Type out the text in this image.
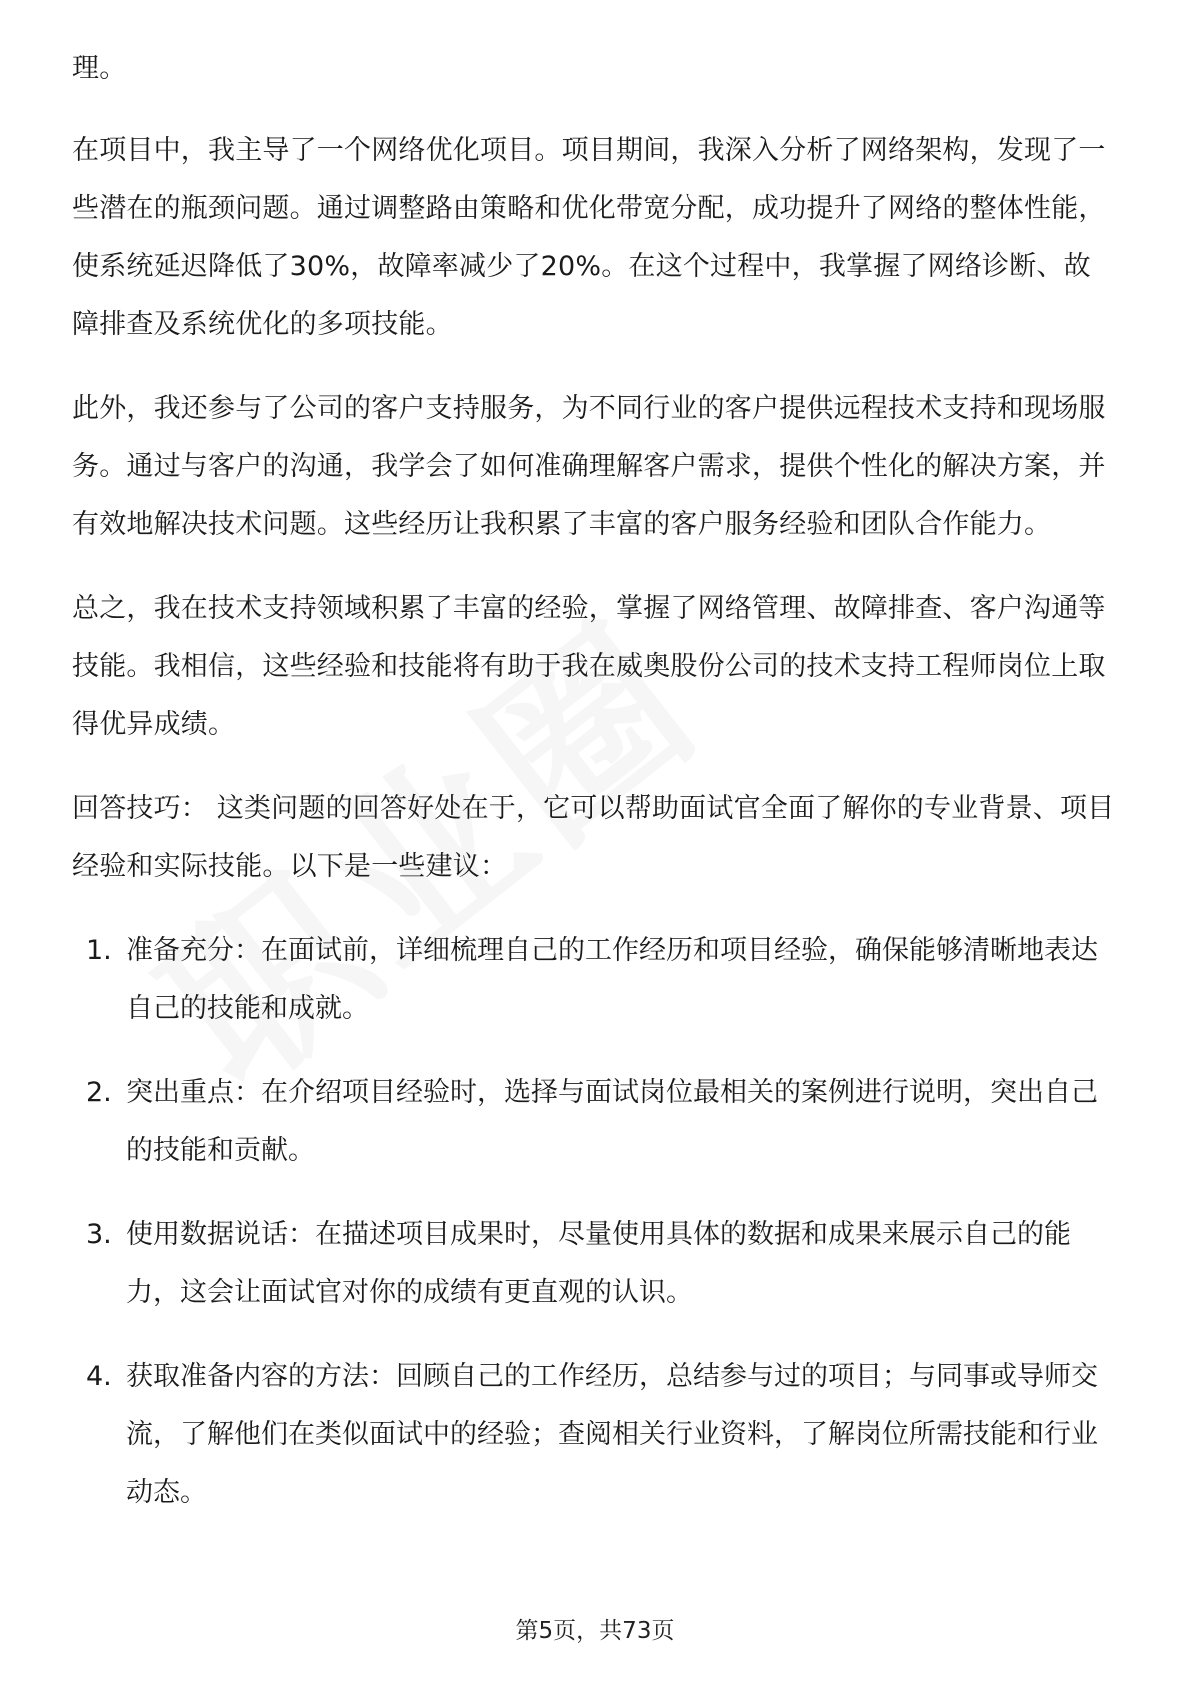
理。

在项目中，我主导了一个网络优化项目。项目期间，我深入分析了网络架构，发现了一些潜在的瓶颈问题。通过调整路由策略和优化带宽分配，成功提升了网络的整体性能，使系统延迟降低了30%，故障率减少了20%。在这个过程中，我掌握了网络诊断、故障排查及系统优化的多项技能。

此外，我还参与了公司的客户支持服务，为不同行业的客户提供远程技术支持和现场服务。通过与客户的沟通，我学会了如何准确理解客户需求，提供个性化的解决方案，并有效地解决技术问题。这些经历让我积累了丰富的客户服务经验和团队合作能力。

总之，我在技术支持领域积累了丰富的经验，掌握了网络管理、故障排查、客户沟通等技能。我相信，这些经验和技能将有助于我在威奥股份公司的技术支持工程师岗位上取得优异成绩。

回答技巧： 这类问题的回答好处在于，它可以帮助面试官全面了解你的专业背景、项目经验和实际技能。以下是一些建议：

1. 准备充分：在面试前，详细梳理自己的工作经历和项目经验，确保能够清晰地表达自己的技能和成就。
2. 突出重点：在介绍项目经验时，选择与面试岗位最相关的案例进行说明，突出自己的技能和贡献。
3. 使用数据说话：在描述项目成果时，尽量使用具体的数据和成果来展示自己的能力，这会让面试官对你的成绩有更直观的认识。
4. 获取准备内容的方法：回顾自己的工作经历，总结参与过的项目；与同事或导师交流，了解他们在类似面试中的经验；查阅相关行业资料，了解岗位所需技能和行业动态。
第5页，共73页
